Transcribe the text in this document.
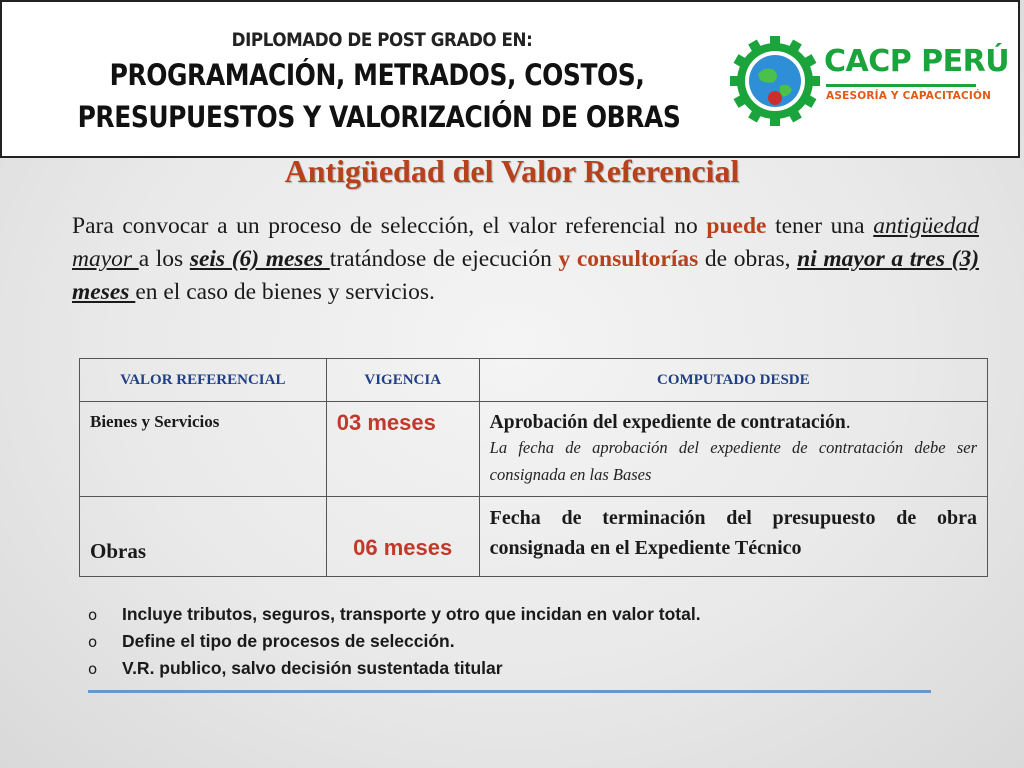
DIPLOMADO DE POST GRADO EN:
PROGRAMACIÓN, METRADOS, COSTOS,
PRESUPUESTOS Y VALORIZACIÓN DE OBRAS
CACP PERÚ
ASESORÍA Y CAPACITACIÓN
Antigüedad del Valor Referencial
Para convocar a un proceso de selección, el valor referencial no puede tener una antigüedad mayor a los seis (6) meses tratándose de ejecución y consultorías de obras, ni mayor a tres (3) meses en el caso de bienes y servicios.
VALOR REFERENCIAL	VIGENCIA	COMPUTADO DESDE
Bienes y Servicios	03 meses	Aprobación del expediente de contratación.
La fecha de aprobación del expediente de contratación debe ser consignada en las Bases

Obras	06 meses	Fecha de terminación del presupuesto de obra consignada en el Expediente Técnico
o	Incluye tributos, seguros, transporte y otro que incidan en valor total.
o	Define el tipo de procesos de selección.
o	V.R. publico, salvo decisión sustentada titular
